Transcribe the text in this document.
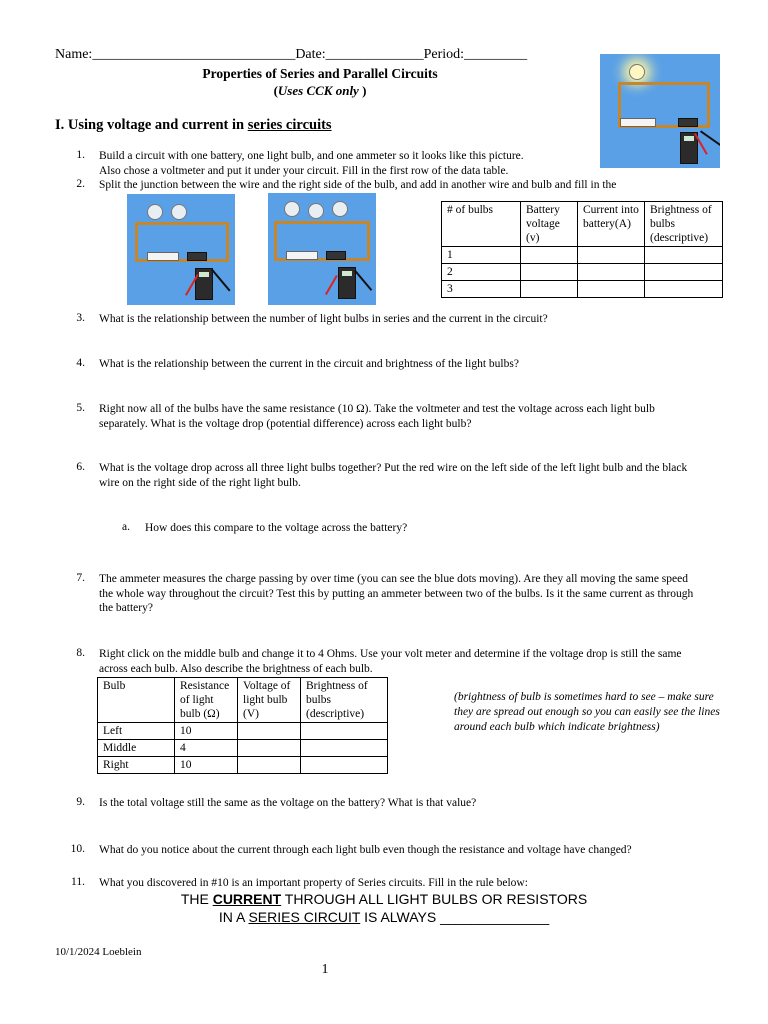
Name:_____________________________Date:______________Period:_________
Properties of Series and Parallel Circuits
(Uses CCK only )
I. Using voltage and current in series circuits
1. Build a circuit with one battery, one light bulb, and one ammeter so it looks like this picture.
Also chose a voltmeter and put it under your circuit. Fill in the first row of the data table.
2. Split the junction between the wire and the right side of the bulb, and add in another wire and bulb and fill in the
# of bulbs	Battery voltage (v)	Current into battery(A)	Brightness of bulbs (descriptive)
1			
2			
3			
3. What is the relationship between the number of light bulbs in series and the current in the circuit?
4. What is the relationship between the current in the circuit and brightness of the light bulbs?
5. Right now all of the bulbs have the same resistance (10 Ω). Take the voltmeter and test the voltage across each light bulb separately. What is the voltage drop (potential difference) across each light bulb?
6. What is the voltage drop across all three light bulbs together? Put the red wire on the left side of the left light bulb and the black wire on the right side of the right light bulb.
a. How does this compare to the voltage across the battery?
7. The ammeter measures the charge passing by over time (you can see the blue dots moving). Are they all moving the same speed the whole way throughout the circuit? Test this by putting an ammeter between two of the bulbs. Is it the same current as through the battery?
8. Right click on the middle bulb and change it to 4 Ohms. Use your volt meter and determine if the voltage drop is still the same across each bulb. Also describe the brightness of each bulb.
Bulb	Resistance of light bulb (Ω)	Voltage of light bulb (V)	Brightness of bulbs (descriptive)
Left	10		
Middle	4		
Right	10		
(brightness of bulb is sometimes hard to see – make sure they are spread out enough so you can easily see the lines around each bulb which indicate brightness)
9. Is the total voltage still the same as the voltage on the battery? What is that value?
10. What do you notice about the current through each light bulb even though the resistance and voltage have changed?
11. What you discovered in #10 is an important property of Series circuits. Fill in the rule below:
THE CURRENT THROUGH ALL LIGHT BULBS OR RESISTORS
IN A SERIES CIRCUIT IS ALWAYS ______________
10/1/2024 Loeblein
1
